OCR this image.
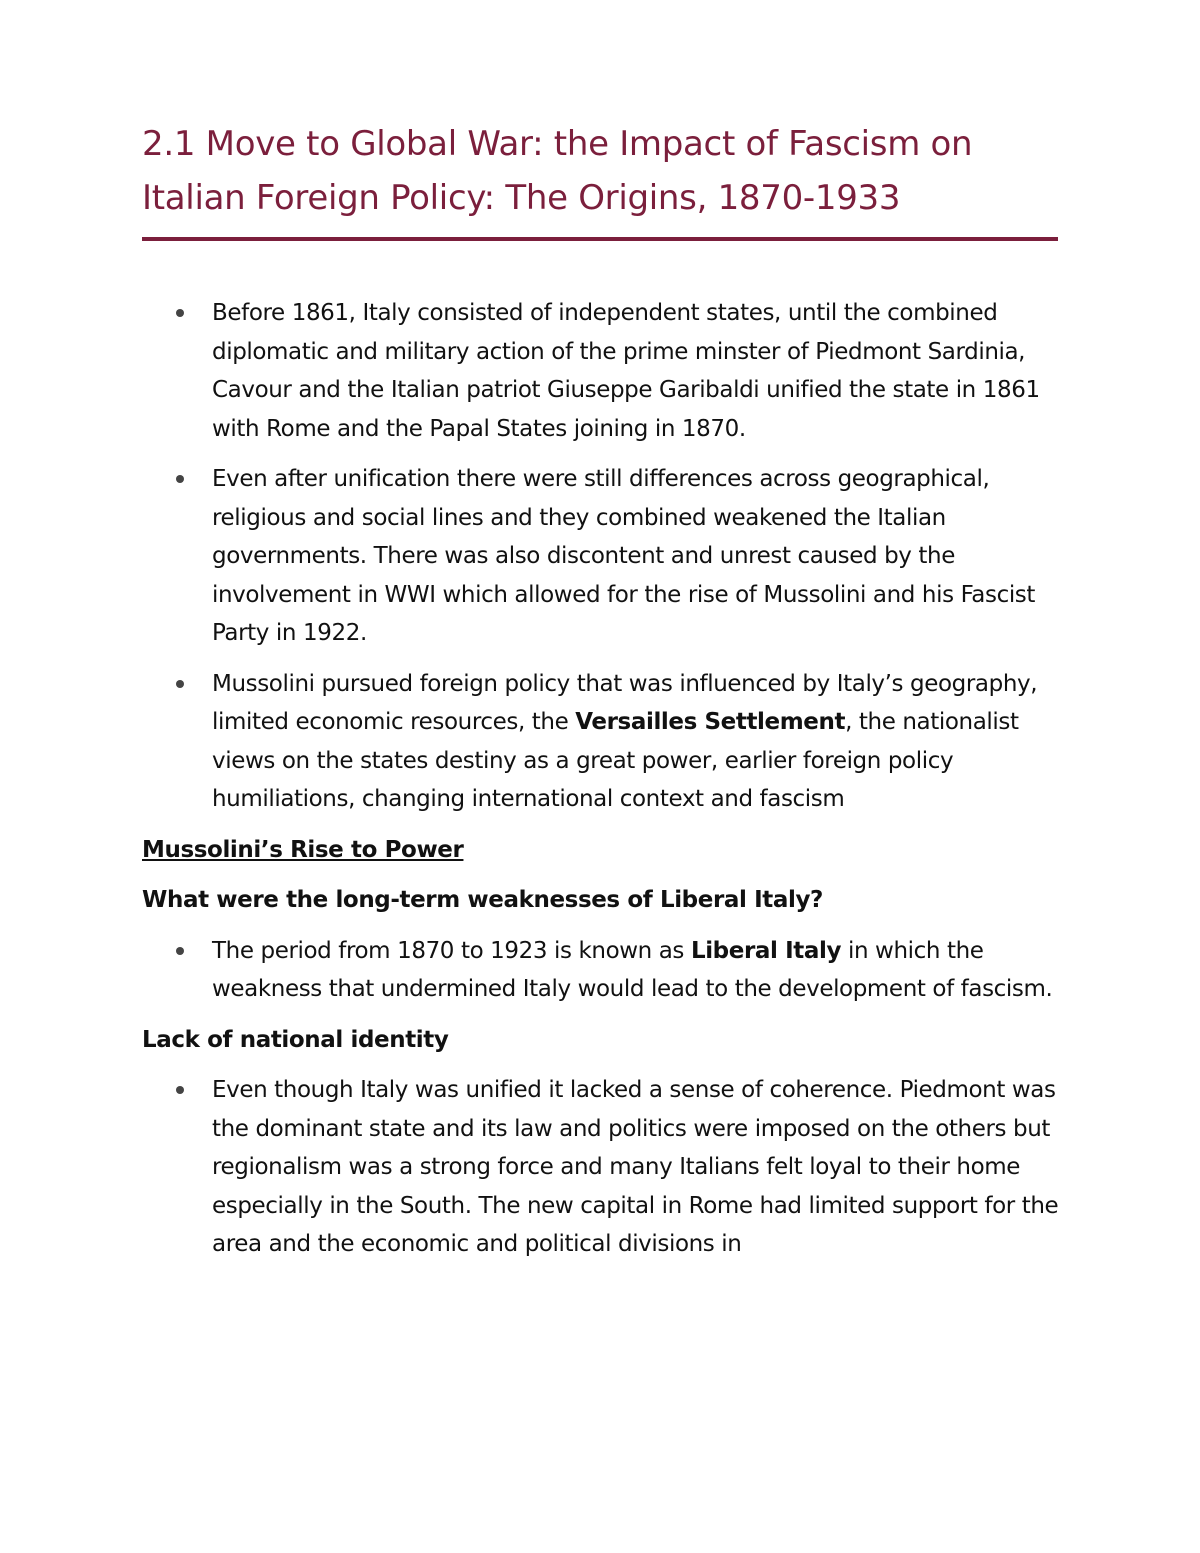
2.1 Move to Global War: the Impact of Fascism on Italian Foreign Policy: The Origins, 1870-1933
Before 1861, Italy consisted of independent states, until the combined diplomatic and military action of the prime minster of Piedmont Sardinia, Cavour and the Italian patriot Giuseppe Garibaldi unified the state in 1861 with Rome and the Papal States joining in 1870.
Even after unification there were still differences across geographical, religious and social lines and they combined weakened the Italian governments. There was also discontent and unrest caused by the involvement in WWI which allowed for the rise of Mussolini and his Fascist Party in 1922.
Mussolini pursued foreign policy that was influenced by Italy’s geography, limited economic resources, the Versailles Settlement, the nationalist views on the states destiny as a great power, earlier foreign policy humiliations, changing international context and fascism
Mussolini’s Rise to Power
What were the long-term weaknesses of Liberal Italy?
The period from 1870 to 1923 is known as Liberal Italy in which the weakness that undermined Italy would lead to the development of fascism.
Lack of national identity
Even though Italy was unified it lacked a sense of coherence. Piedmont was the dominant state and its law and politics were imposed on the others but regionalism was a strong force and many Italians felt loyal to their home especially in the South. The new capital in Rome had limited support for the area and the economic and political divisions in
